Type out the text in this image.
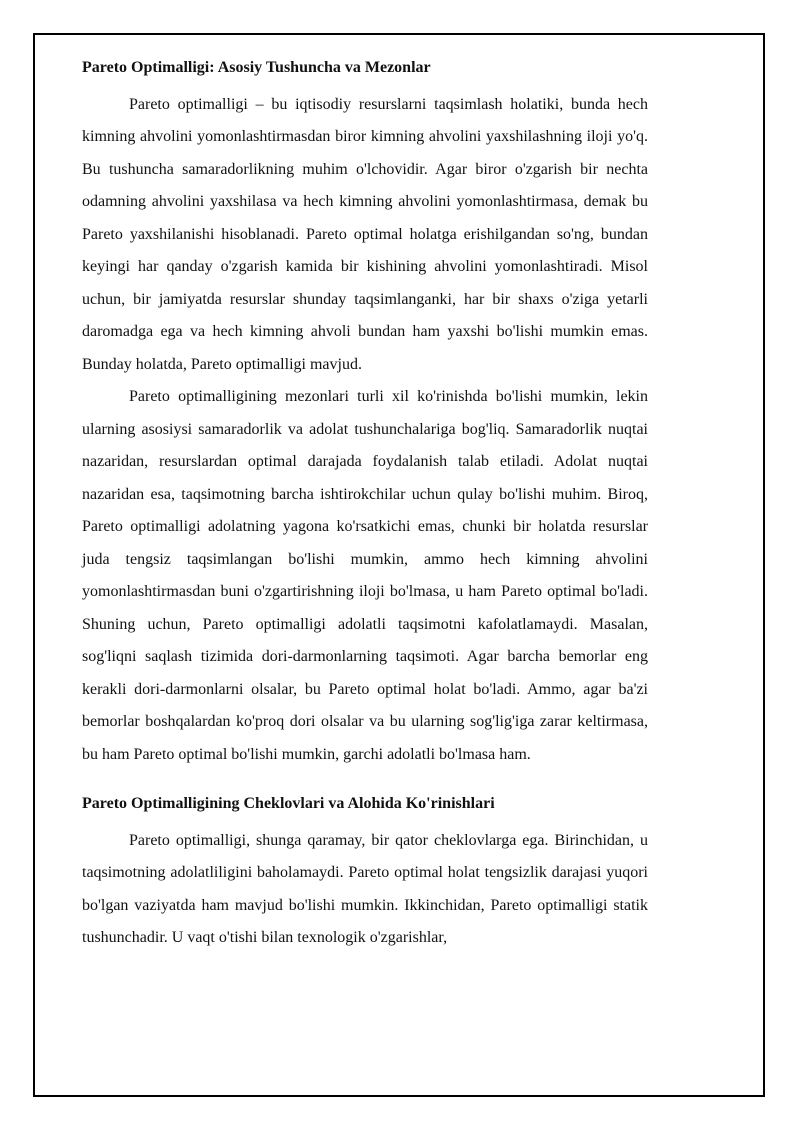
Pareto Optimalligi: Asosiy Tushuncha va Mezonlar

Pareto optimalligi – bu iqtisodiy resurslarni taqsimlash holatiki, bunda hech kimning ahvolini yomonlashtirmasdan biror kimning ahvolini yaxshilashning iloji yo'q. Bu tushuncha samaradorlikning muhim o'lchovidir. Agar biror o'zgarish bir nechta odamning ahvolini yaxshilasa va hech kimning ahvolini yomonlashtirmasa, demak bu Pareto yaxshilanishi hisoblanadi. Pareto optimal holatga erishilgandan so'ng, bundan keyingi har qanday o'zgarish kamida bir kishining ahvolini yomonlashtiradi. Misol uchun, bir jamiyatda resurslar shunday taqsimlanganki, har bir shaxs o'ziga yetarli daromadga ega va hech kimning ahvoli bundan ham yaxshi bo'lishi mumkin emas. Bunday holatda, Pareto optimalligi mavjud.

Pareto optimalligining mezonlari turli xil ko'rinishda bo'lishi mumkin, lekin ularning asosiysi samaradorlik va adolat tushunchalariga bog'liq. Samaradorlik nuqtai nazaridan, resurslardan optimal darajada foydalanish talab etiladi. Adolat nuqtai nazaridan esa, taqsimotning barcha ishtirokchilar uchun qulay bo'lishi muhim. Biroq, Pareto optimalligi adolatning yagona ko'rsatkichi emas, chunki bir holatda resurslar juda tengsiz taqsimlangan bo'lishi mumkin, ammo hech kimning ahvolini yomonlashtirmasdan buni o'zgartirishning iloji bo'lmasa, u ham Pareto optimal bo'ladi. Shuning uchun, Pareto optimalligi adolatli taqsimotni kafolatlamaydi. Masalan, sog'liqni saqlash tizimida dori-darmonlarning taqsimoti. Agar barcha bemorlar eng kerakli dori-darmonlarni olsalar, bu Pareto optimal holat bo'ladi. Ammo, agar ba'zi bemorlar boshqalardan ko'proq dori olsalar va bu ularning sog'lig'iga zarar keltirmasa, bu ham Pareto optimal bo'lishi mumkin, garchi adolatli bo'lmasa ham.

Pareto Optimalligining Cheklovlari va Alohida Ko'rinishlari

Pareto optimalligi, shunga qaramay, bir qator cheklovlarga ega. Birinchidan, u taqsimotning adolatliligini baholamaydi. Pareto optimal holat tengsizlik darajasi yuqori bo'lgan vaziyatda ham mavjud bo'lishi mumkin. Ikkinchidan, Pareto optimalligi statik tushunchadir. U vaqt o'tishi bilan texnologik o'zgarishlar,
